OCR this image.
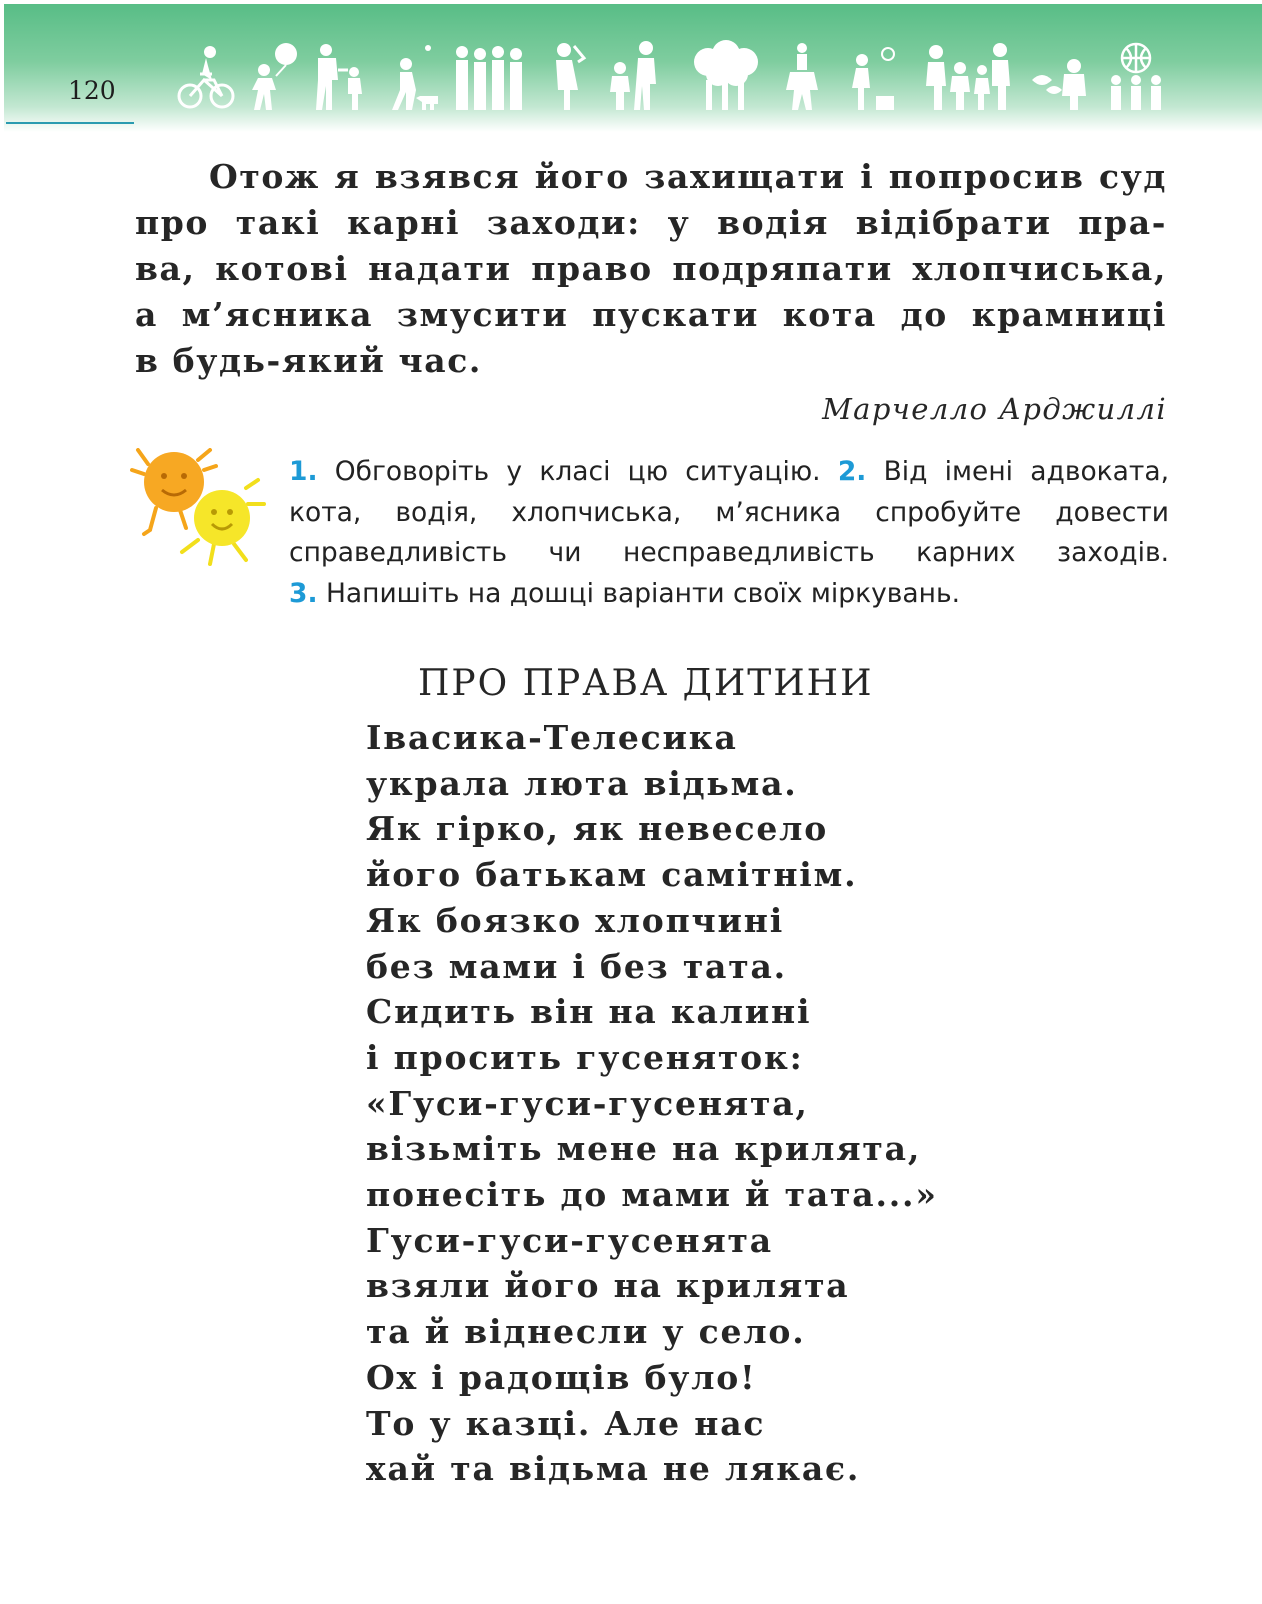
120
Отож я взявся його захищати і попросив суд
про такі карні заходи: у водія відібрати пра-
ва, котові надати право подряпати хлопчиська,
а м’ясника змусити пускати кота до крамниці
в будь-який час.
Марчелло Арджиллі
1. Обговоріть у класі цю ситуацію. 2. Від імені адвоката,
кота, водія, хлопчиська, м’ясника спробуйте довести
справедливість чи несправедливість карних заходів.
3. Напишіть на дошці варіанти своїх міркувань.
ПРО ПРАВА ДИТИНИ
Івасика-Телесика
украла люта відьма.
Як гірко, як невесело
його батькам самітнім.
Як боязко хлопчині
без мами і без тата.
Сидить він на калині
і просить гусеняток:
«Гуси-гуси-гусенята,
візьміть мене на крилята,
понесіть до мами й тата...»
Гуси-гуси-гусенята
взяли його на крилята
та й віднесли у село.
Ох і радощів було!
То у казці. Але нас
хай та відьма не лякає.
